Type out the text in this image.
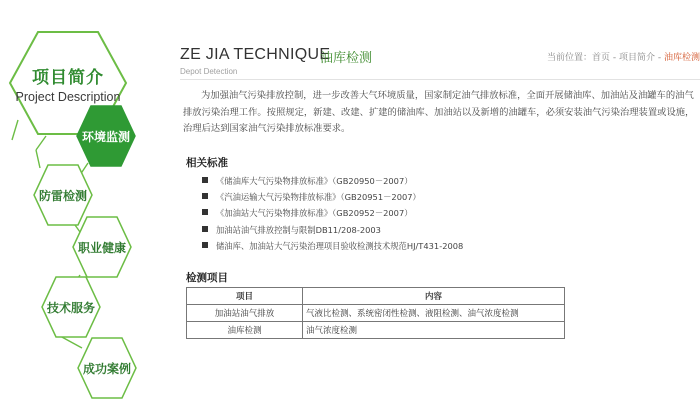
项目简介
Project Description
环境监测
防雷检测
职业健康
技术服务
成功案例
ZE JIA TECHNIQUE
油库检测
Depot Detection
当前位置：首页 - 项目简介 - 油库检测

为加强油气污染排放控制，进一步改善大气环境质量，国家制定油气排放标准，全面开展储油库、加油站及油罐车的油气排放污染治理工作。按照规定，新建、改建、扩建的储油库、加油站以及新增的油罐车，必须安装油气污染治理装置或设施，治理后达到国家油气污染排放标准要求。

相关标准
《储油库大气污染物排放标准》（GB20950－2007）
《汽油运输大气污染物排放标准》（GB20951－2007）
《加油站大气污染物排放标准》（GB20952－2007）
加油站油气排放控制与限制DB11/208-2003
储油库、加油站大气污染治理项目验收检测技术规范HJ/T431-2008
检测项目
项目	内容
加油站油气排放	气液比检测、系统密闭性检测、液阻检测、油气浓度检测
油库检测	油气浓度检测
